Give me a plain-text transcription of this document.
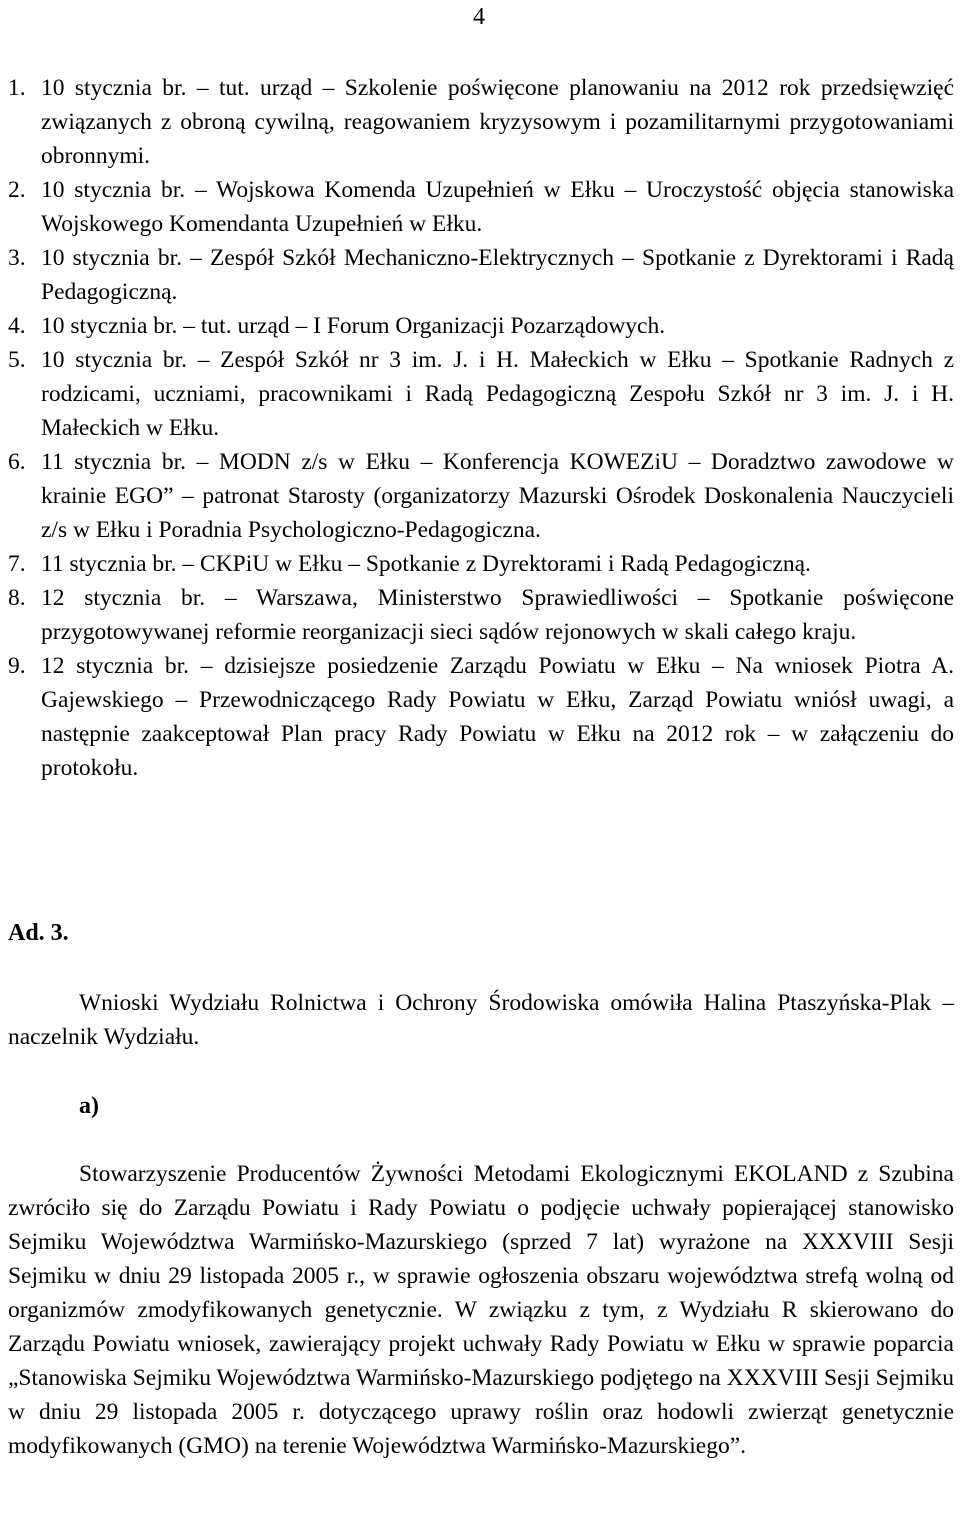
4
1. 10 stycznia br. – tut. urząd – Szkolenie poświęcone planowaniu na 2012 rok przedsięwzięć związanych z obroną cywilną, reagowaniem kryzysowym i pozamilitarnymi przygotowaniami obronnymi.
2. 10 stycznia br. – Wojskowa Komenda Uzupełnień w Ełku – Uroczystość objęcia stanowiska Wojskowego Komendanta Uzupełnień w Ełku.
3. 10 stycznia br. – Zespół Szkół Mechaniczno-Elektrycznych – Spotkanie z Dyrektorami i Radą Pedagogiczną.
4. 10 stycznia br. – tut. urząd – I Forum Organizacji Pozarządowych.
5. 10 stycznia br. – Zespół Szkół nr 3 im. J. i H. Małeckich w Ełku – Spotkanie Radnych z rodzicami, uczniami, pracownikami i Radą Pedagogiczną Zespołu Szkół nr 3 im. J. i H. Małeckich w Ełku.
6. 11 stycznia br. – MODN z/s w Ełku – Konferencja KOWEZiU – Doradztwo zawodowe w krainie EGO” – patronat Starosty (organizatorzy Mazurski Ośrodek Doskonalenia Nauczycieli z/s w Ełku i Poradnia Psychologiczno-Pedagogiczna.
7. 11 stycznia br. – CKPiU w Ełku – Spotkanie z Dyrektorami i Radą Pedagogiczną.
8. 12 stycznia br. – Warszawa, Ministerstwo Sprawiedliwości – Spotkanie poświęcone przygotowywanej reformie reorganizacji sieci sądów rejonowych w skali całego kraju.
9. 12 stycznia br. – dzisiejsze posiedzenie Zarządu Powiatu w Ełku – Na wniosek Piotra A. Gajewskiego – Przewodniczącego Rady Powiatu w Ełku, Zarząd Powiatu wniósł uwagi, a następnie zaakceptował Plan pracy Rady Powiatu w Ełku na 2012 rok – w załączeniu do protokołu.
Ad. 3.

Wnioski Wydziału Rolnictwa i Ochrony Środowiska omówiła Halina Ptaszyńska-Plak – naczelnik Wydziału.

a)

Stowarzyszenie Producentów Żywności Metodami Ekologicznymi EKOLAND z Szubina zwróciło się do Zarządu Powiatu i Rady Powiatu o podjęcie uchwały popierającej stanowisko Sejmiku Województwa Warmińsko-Mazurskiego (sprzed 7 lat) wyrażone na XXXVIII Sesji Sejmiku w dniu 29 listopada 2005 r., w sprawie ogłoszenia obszaru województwa strefą wolną od organizmów zmodyfikowanych genetycznie. W związku z tym, z Wydziału R skierowano do Zarządu Powiatu wniosek, zawierający projekt uchwały Rady Powiatu w Ełku w sprawie poparcia „Stanowiska Sejmiku Województwa Warmińsko-Mazurskiego podjętego na XXXVIII Sesji Sejmiku w dniu 29 listopada 2005 r. dotyczącego uprawy roślin oraz hodowli zwierząt genetycznie modyfikowanych (GMO) na terenie Województwa Warmińsko-Mazurskiego”.
